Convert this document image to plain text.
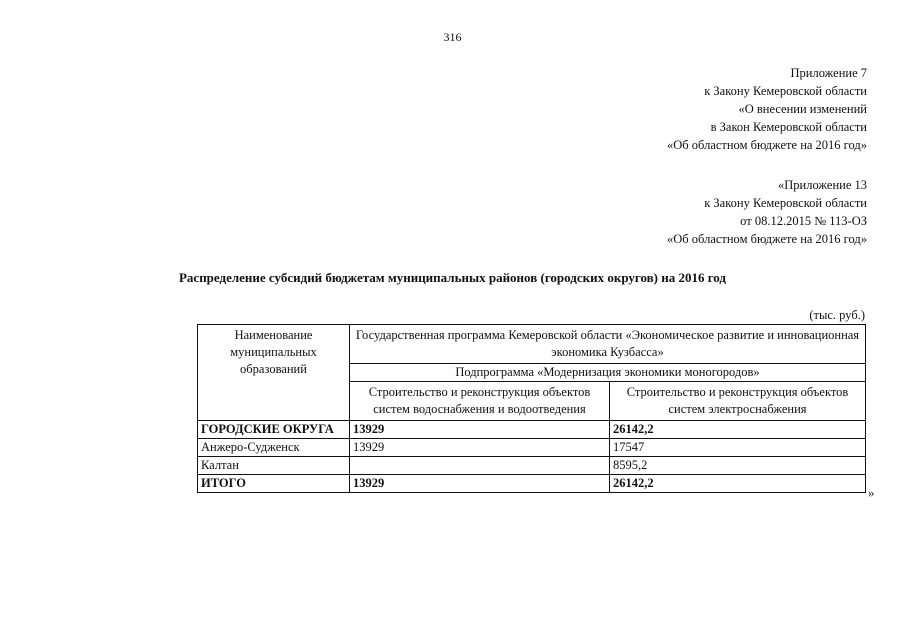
316
Приложение 7
к Закону Кемеровской области
«О внесении изменений
в Закон Кемеровской области
«Об областном бюджете на 2016 год»
«Приложение 13
к Закону Кемеровской области
от 08.12.2015 № 113-ОЗ
«Об областном бюджете на 2016 год»
Распределение субсидий бюджетам муниципальных районов (городских округов) на 2016 год
(тыс. руб.)
Наименование муниципальных образований	Государственная программа Кемеровской области «Экономическое развитие и инновационная экономика Кузбасса»	
	Подпрограмма «Модернизация экономики моногородов»	
	Строительство и реконструкция объектов систем водоснабжения и водоотведения	Строительство и реконструкция объектов систем электроснабжения
ГОРОДСКИЕ ОКРУГА	13929	26142,2
Анжеро-Судженск	13929	17547
Калтан		8595,2
ИТОГО	13929	26142,2
»
